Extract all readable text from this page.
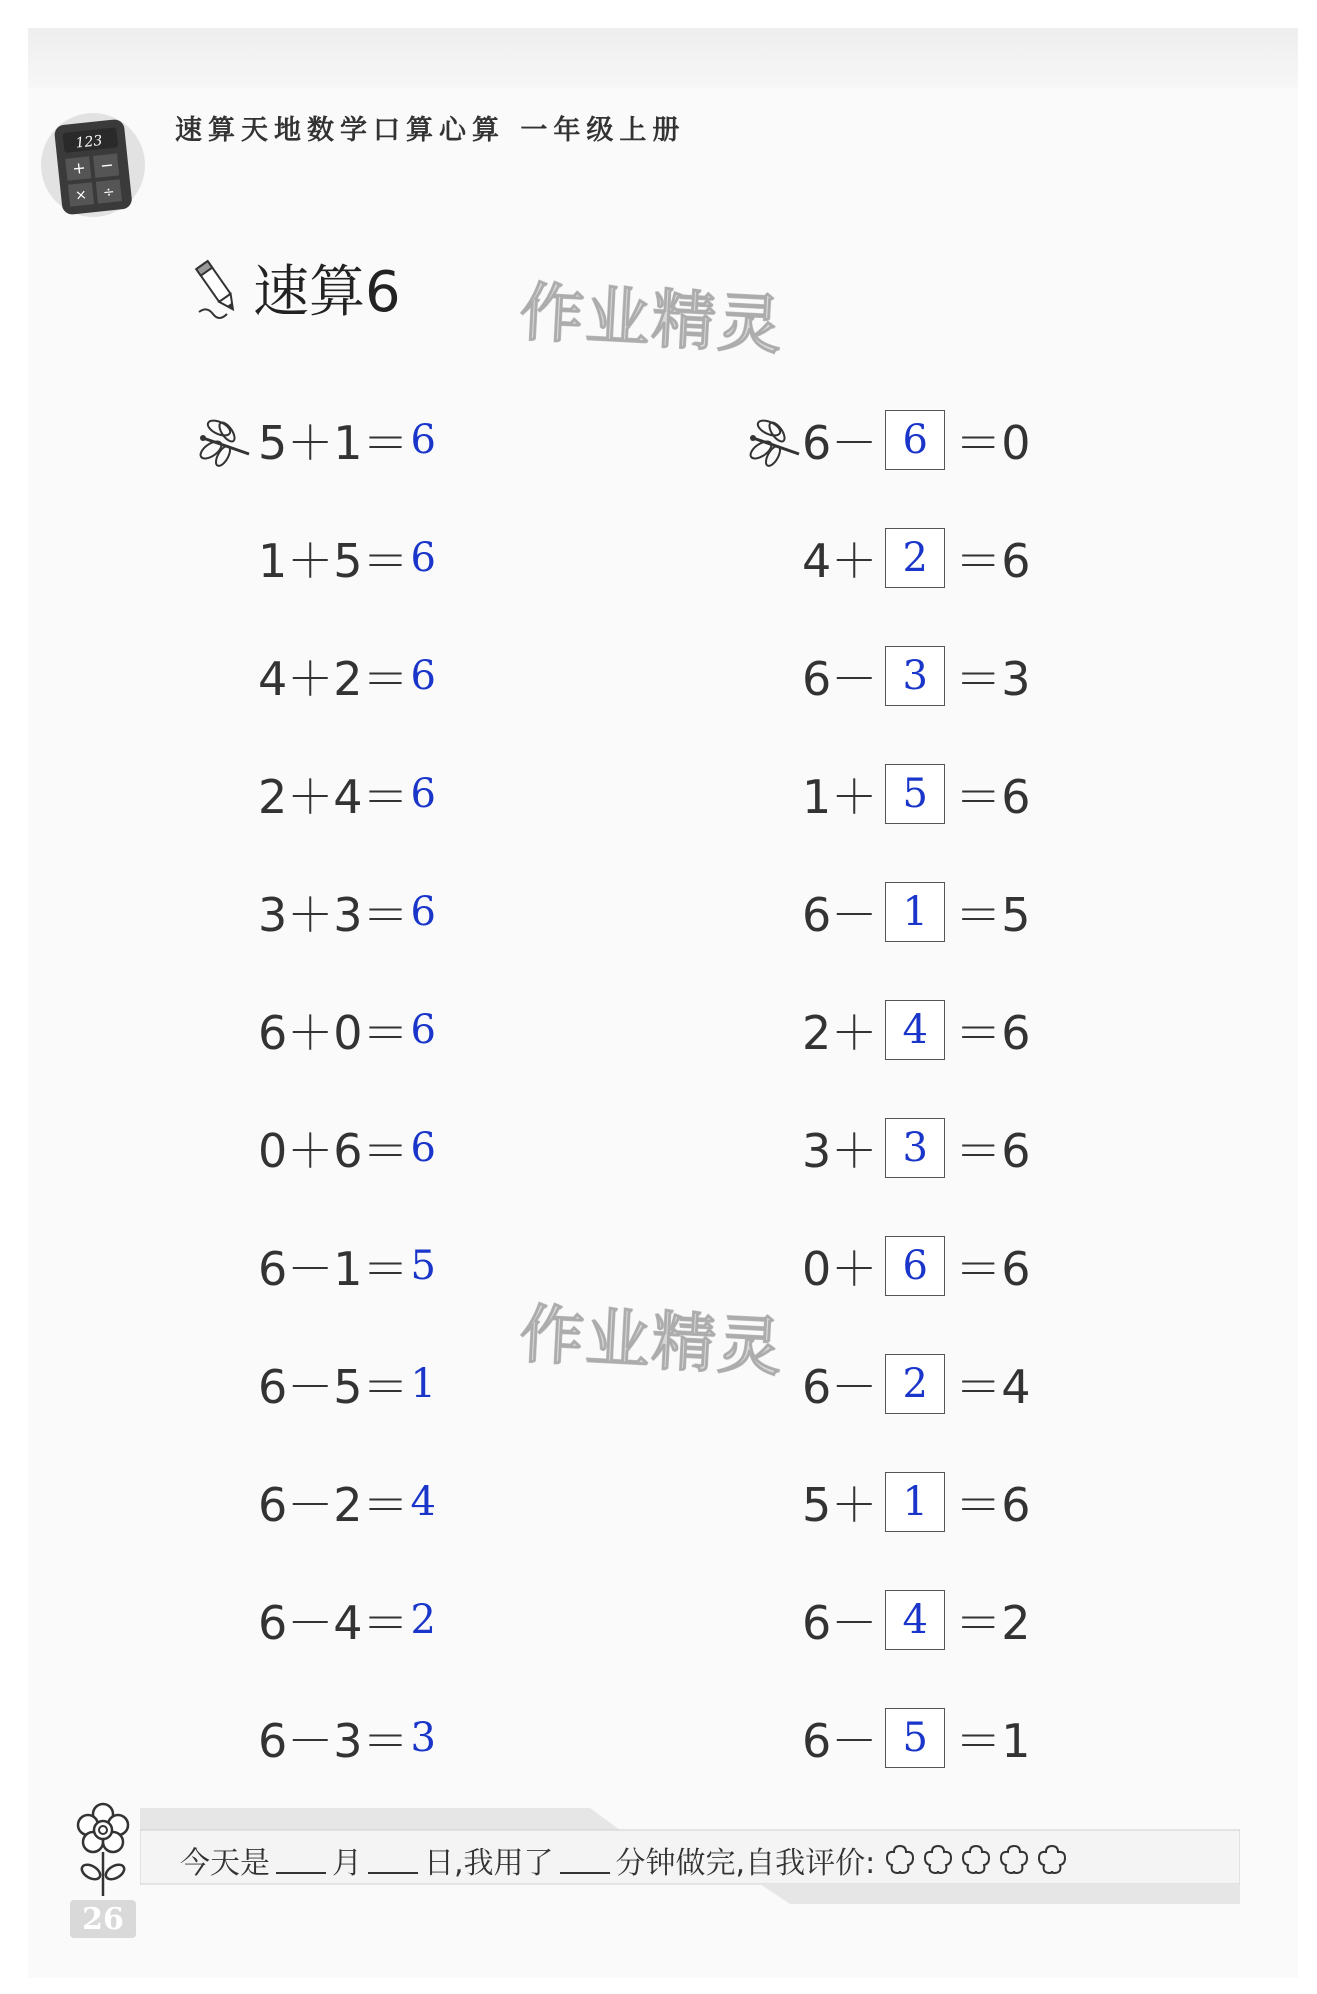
123
+ −
× ÷
速算天地数学口算心算 一年级上册
速算6 作业精灵
作业精灵
5＋1＝ 6
1＋5＝ 6
4＋2＝ 6
2＋4＝ 6
3＋3＝ 6
6＋0＝ 6
0＋6＝ 6
6－1＝ 5
6－5＝ 1
6－2＝ 4
6－4＝ 2
6－3＝ 3
6－ 6 ＝0
4＋ 2 ＝6
6－ 3 ＝3
1＋ 5 ＝6
6－ 1 ＝5
2＋ 4 ＝6
3＋ 3 ＝6
0＋ 6 ＝6
6－ 2 ＝4
5＋ 1 ＝6
6－ 4 ＝2
6－ 5 ＝1
26
今天是 月 日,我用了 分钟做完,自我评价:
